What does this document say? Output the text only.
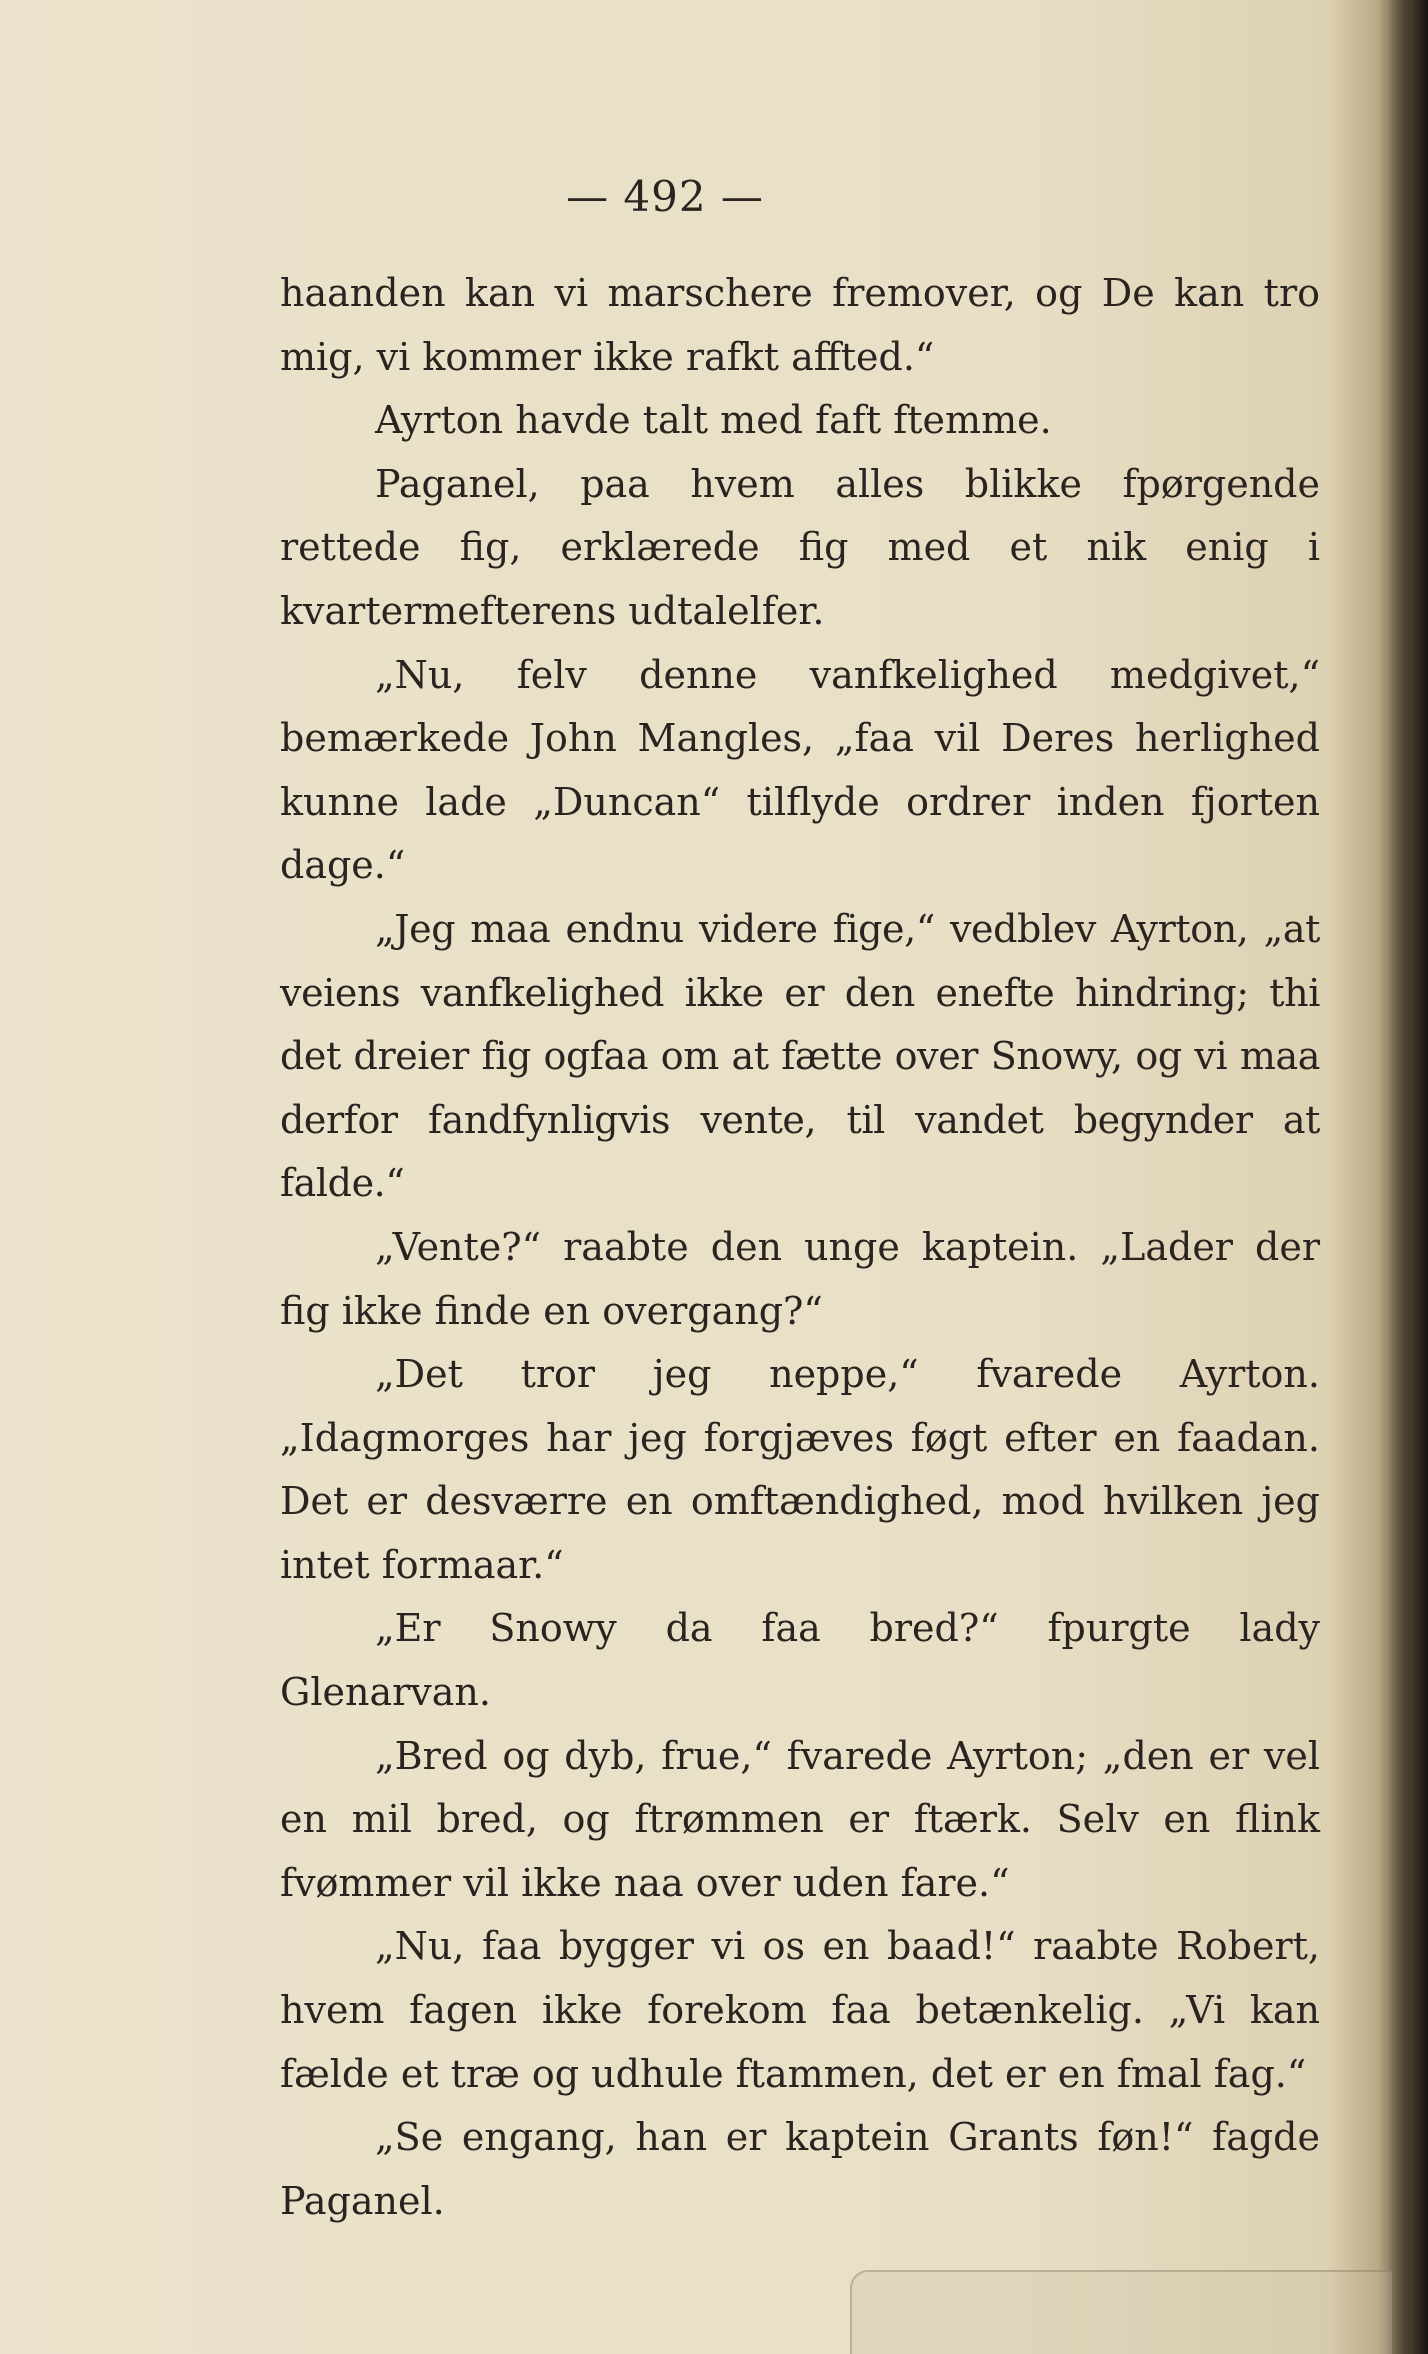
— 492 —

haanden kan vi marschere fremover, og De kan tro mig, vi kommer ikke rafkt affted.“

Ayrton havde talt med faft ftemme.

Paganel, paa hvem alles blikke fpørgende rettede fig, erklærede fig med et nik enig i kvartermefterens udtalelfer.

„Nu, felv denne vanfkelighed medgivet,“ bemærkede John Mangles, „faa vil Deres herlighed kunne lade „Duncan“ tilflyde ordrer inden fjorten dage.“

„Jeg maa endnu videre fige,“ vedblev Ayrton, „at veiens vanfkelighed ikke er den enefte hindring; thi det dreier fig ogfaa om at fætte over Snowy, og vi maa derfor fandfynligvis vente, til vandet begynder at falde.“

„Vente?“ raabte den unge kaptein. „Lader der fig ikke finde en overgang?“

„Det tror jeg neppe,“ fvarede Ayrton. „Idagmorges har jeg forgjæves føgt efter en faadan. Det er desværre en omftændighed, mod hvilken jeg intet formaar.“

„Er Snowy da faa bred?“ fpurgte lady Glenarvan.

„Bred og dyb, frue,“ fvarede Ayrton; „den er vel en mil bred, og ftrømmen er ftærk. Selv en flink fvømmer vil ikke naa over uden fare.“

„Nu, faa bygger vi os en baad!“ raabte Robert, hvem fagen ikke forekom faa betænkelig. „Vi kan fælde et træ og udhule ftammen, det er en fmal fag.“

„Se engang, han er kaptein Grants føn!“ fagde Paganel.
